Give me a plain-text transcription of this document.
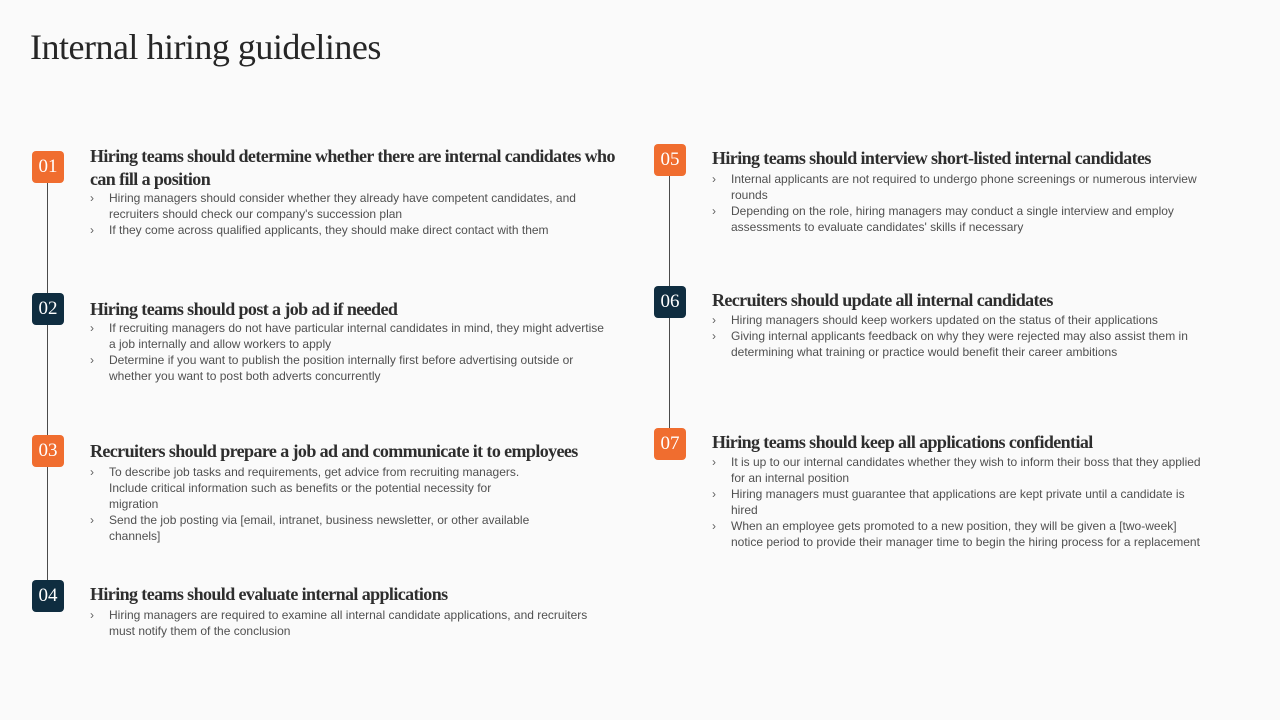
Internal hiring guidelines
01	Hiring teams should determine whether there are internal candidates who can fill a position
› Hiring managers should consider whether they already have competent candidates, and recruiters should check our company's succession plan
› If they come across qualified applicants, they should make direct contact with them
02	Hiring teams should post a job ad if needed
› If recruiting managers do not have particular internal candidates in mind, they might advertise a job internally and allow workers to apply
› Determine if you want to publish the position internally first before advertising outside or whether you want to post both adverts concurrently
03	Recruiters should prepare a job ad and communicate it to employees
› To describe job tasks and requirements, get advice from recruiting managers. Include critical information such as benefits or the potential necessity for migration
› Send the job posting via [email, intranet, business newsletter, or other available channels]
04	Hiring teams should evaluate internal applications
› Hiring managers are required to examine all internal candidate applications, and recruiters must notify them of the conclusion
05	Hiring teams should interview short-listed internal candidates
› Internal applicants are not required to undergo phone screenings or numerous interview rounds
› Depending on the role, hiring managers may conduct a single interview and employ assessments to evaluate candidates' skills if necessary
06	Recruiters should update all internal candidates
› Hiring managers should keep workers updated on the status of their applications
› Giving internal applicants feedback on why they were rejected may also assist them in determining what training or practice would benefit their career ambitions
07	Hiring teams should keep all applications confidential
› It is up to our internal candidates whether they wish to inform their boss that they applied for an internal position
› Hiring managers must guarantee that applications are kept private until a candidate is hired
› When an employee gets promoted to a new position, they will be given a [two-week] notice period to provide their manager time to begin the hiring process for a replacement
